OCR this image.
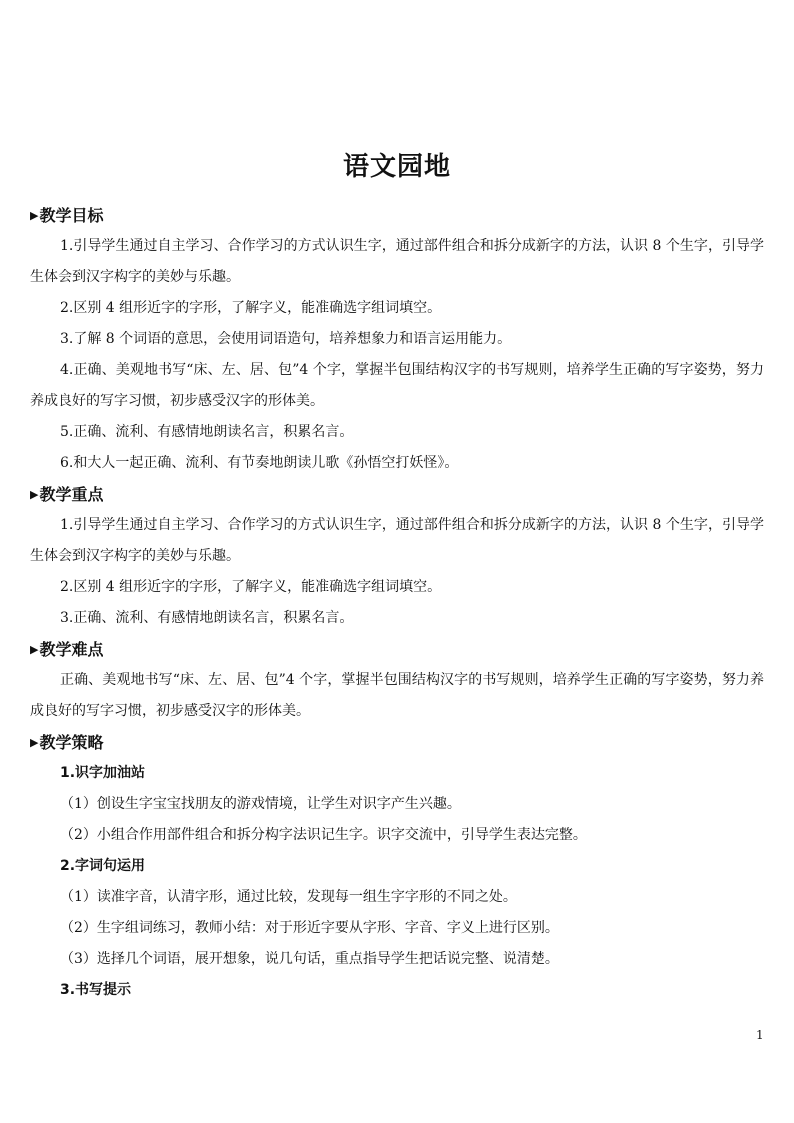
语文园地
▶教学目标

1.引导学生通过自主学习、合作学习的方式认识生字，通过部件组合和拆分成新字的方法，认识 8 个生字，引导学生体会到汉字构字的美妙与乐趣。

2.区别 4 组形近字的字形，了解字义，能准确选字组词填空。

3.了解 8 个词语的意思，会使用词语造句，培养想象力和语言运用能力。

4.正确、美观地书写“床、左、居、包”4 个字，掌握半包围结构汉字的书写规则，培养学生正确的写字姿势，努力养成良好的写字习惯，初步感受汉字的形体美。

5.正确、流利、有感情地朗读名言，积累名言。

6.和大人一起正确、流利、有节奏地朗读儿歌《孙悟空打妖怪》。

▶教学重点

1.引导学生通过自主学习、合作学习的方式认识生字，通过部件组合和拆分成新字的方法，认识 8 个生字，引导学生体会到汉字构字的美妙与乐趣。

2.区别 4 组形近字的字形，了解字义，能准确选字组词填空。

3.正确、流利、有感情地朗读名言，积累名言。

▶教学难点

正确、美观地书写“床、左、居、包”4 个字，掌握半包围结构汉字的书写规则，培养学生正确的写字姿势，努力养成良好的写字习惯，初步感受汉字的形体美。

▶教学策略
1.识字加油站

（1）创设生字宝宝找朋友的游戏情境，让学生对识字产生兴趣。

（2）小组合作用部件组合和拆分构字法识记生字。识字交流中，引导学生表达完整。

2.字词句运用

（1）读准字音，认清字形，通过比较，发现每一组生字字形的不同之处。

（2）生字组词练习，教师小结：对于形近字要从字形、字音、字义上进行区别。

（3）选择几个词语，展开想象，说几句话，重点指导学生把话说完整、说清楚。

3.书写提示
1
